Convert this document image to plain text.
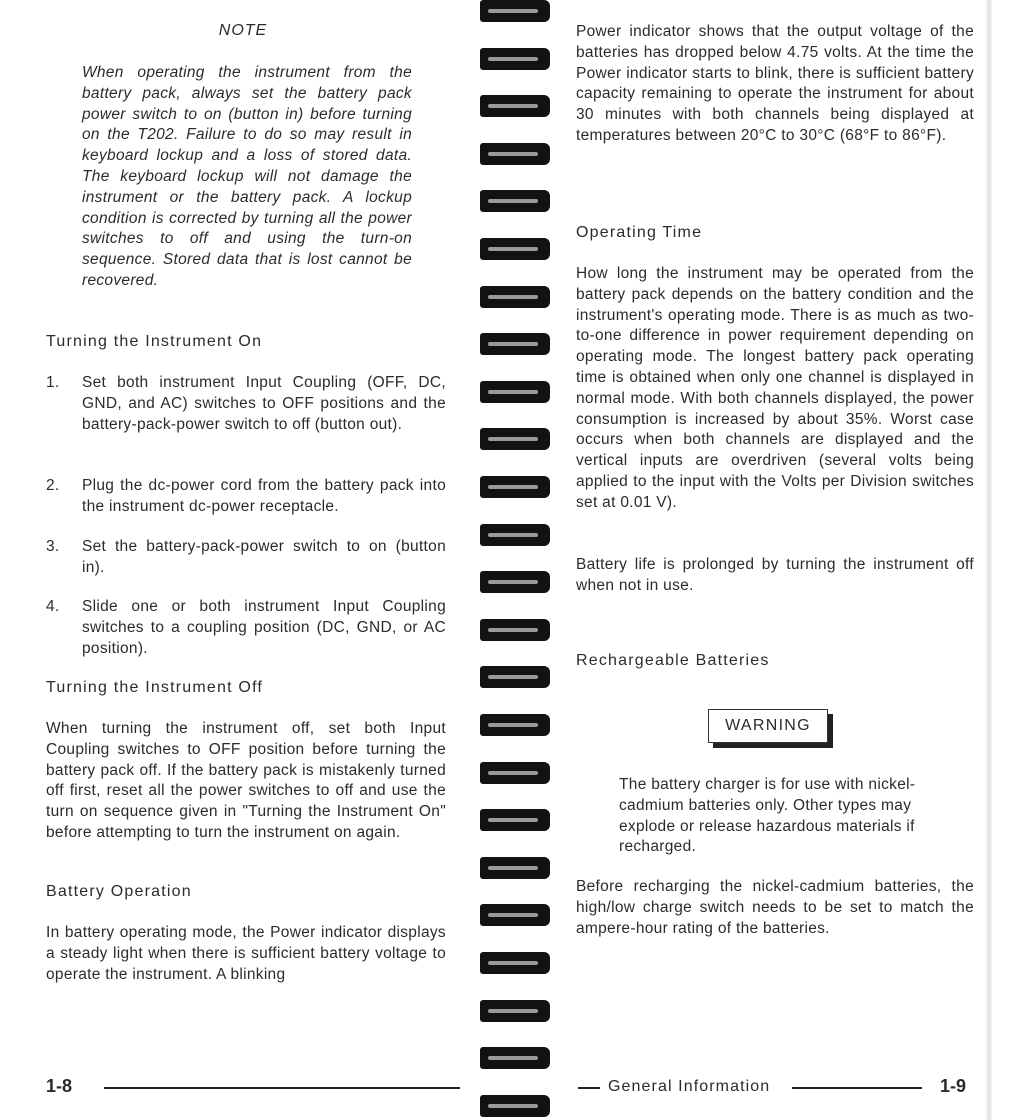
NOTE
When operating the instrument from the battery pack, always set the battery pack power switch to on (button in) before turning on the T202. Failure to do so may result in keyboard lockup and a loss of stored data. The keyboard lockup will not damage the instrument or the battery pack. A lockup condition is corrected by turning all the power switches to off and using the turn-on sequence. Stored data that is lost cannot be recovered.
Turning the Instrument On
1.	Set both instrument Input Coupling (OFF, DC, GND, and AC) switches to OFF positions and the battery-pack-power switch to off (button out).
2.	Plug the dc-power cord from the battery pack into the instrument dc-power receptacle.
3.	Set the battery-pack-power switch to on (button in).
4.	Slide one or both instrument Input Coupling switches to a coupling position (DC, GND, or AC position).
Turning the Instrument Off

When turning the instrument off, set both Input Coupling switches to OFF position before turning the battery pack off. If the battery pack is mistakenly turned off first, reset all the power switches to off and use the turn on sequence given in "Turning the Instrument On" before attempting to turn the instrument on again.

Battery Operation

In battery operating mode, the Power indicator displays a steady light when there is sufficient battery voltage to operate the instrument. A blinking

1-8

Power indicator shows that the output voltage of the batteries has dropped below 4.75 volts. At the time the Power indicator starts to blink, there is sufficient battery capacity remaining to operate the instrument for about 30 minutes with both channels being displayed at temperatures between 20°C to 30°C (68°F to 86°F).

Operating Time

How long the instrument may be operated from the battery pack depends on the battery condition and the instrument's operating mode. There is as much as two-to-one difference in power requirement depending on operating mode. The longest battery pack operating time is obtained when only one channel is displayed in normal mode. With both channels displayed, the power consumption is increased by about 35%. Worst case occurs when both channels are displayed and the vertical inputs are overdriven (several volts being applied to the input with the Volts per Division switches set at 0.01 V).

Battery life is prolonged by turning the instrument off when not in use.

Rechargeable Batteries
WARNING

The battery charger is for use with nickel-cadmium batteries only. Other types may explode or release hazardous materials if recharged.

Before recharging the nickel-cadmium batteries, the high/low charge switch needs to be set to match the ampere-hour rating of the batteries.

General Information	1-9
